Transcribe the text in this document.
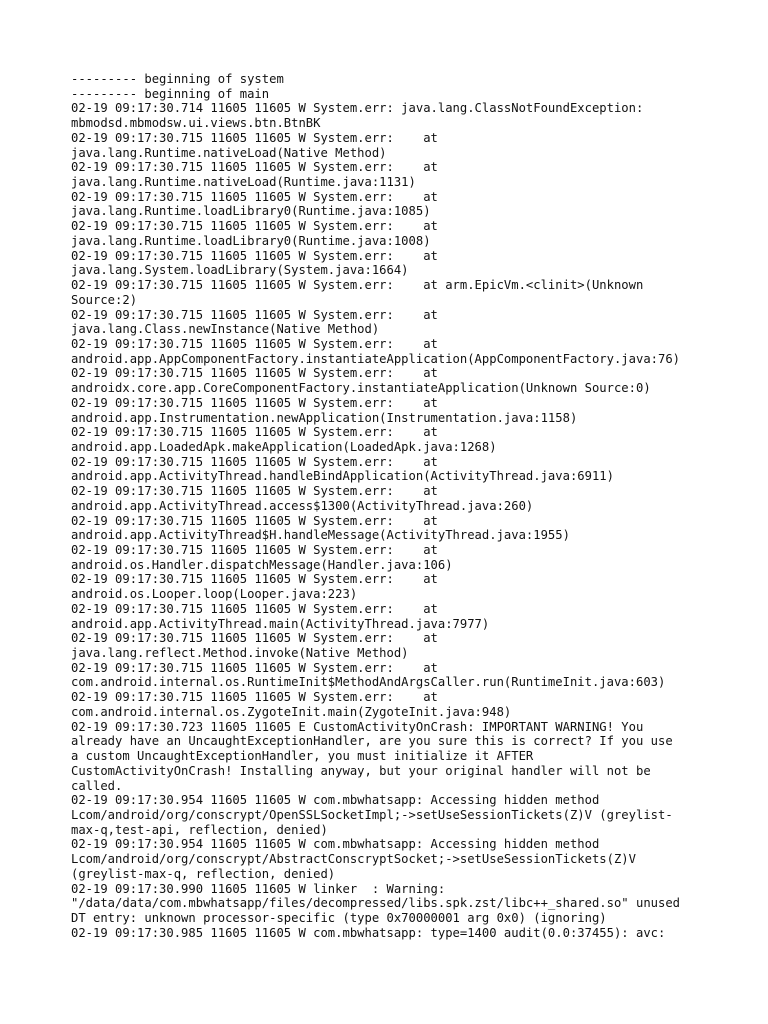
--------- beginning of system
--------- beginning of main
02-19 09:17:30.714 11605 11605 W System.err: java.lang.ClassNotFoundException:
mbmodsd.mbmodsw.ui.views.btn.BtnBK
02-19 09:17:30.715 11605 11605 W System.err:    at
java.lang.Runtime.nativeLoad(Native Method)
02-19 09:17:30.715 11605 11605 W System.err:    at
java.lang.Runtime.nativeLoad(Runtime.java:1131)
02-19 09:17:30.715 11605 11605 W System.err:    at
java.lang.Runtime.loadLibrary0(Runtime.java:1085)
02-19 09:17:30.715 11605 11605 W System.err:    at
java.lang.Runtime.loadLibrary0(Runtime.java:1008)
02-19 09:17:30.715 11605 11605 W System.err:    at
java.lang.System.loadLibrary(System.java:1664)
02-19 09:17:30.715 11605 11605 W System.err:    at arm.EpicVm.<clinit>(Unknown
Source:2)
02-19 09:17:30.715 11605 11605 W System.err:    at
java.lang.Class.newInstance(Native Method)
02-19 09:17:30.715 11605 11605 W System.err:    at
android.app.AppComponentFactory.instantiateApplication(AppComponentFactory.java:76)
02-19 09:17:30.715 11605 11605 W System.err:    at
androidx.core.app.CoreComponentFactory.instantiateApplication(Unknown Source:0)
02-19 09:17:30.715 11605 11605 W System.err:    at
android.app.Instrumentation.newApplication(Instrumentation.java:1158)
02-19 09:17:30.715 11605 11605 W System.err:    at
android.app.LoadedApk.makeApplication(LoadedApk.java:1268)
02-19 09:17:30.715 11605 11605 W System.err:    at
android.app.ActivityThread.handleBindApplication(ActivityThread.java:6911)
02-19 09:17:30.715 11605 11605 W System.err:    at
android.app.ActivityThread.access$1300(ActivityThread.java:260)
02-19 09:17:30.715 11605 11605 W System.err:    at
android.app.ActivityThread$H.handleMessage(ActivityThread.java:1955)
02-19 09:17:30.715 11605 11605 W System.err:    at
android.os.Handler.dispatchMessage(Handler.java:106)
02-19 09:17:30.715 11605 11605 W System.err:    at
android.os.Looper.loop(Looper.java:223)
02-19 09:17:30.715 11605 11605 W System.err:    at
android.app.ActivityThread.main(ActivityThread.java:7977)
02-19 09:17:30.715 11605 11605 W System.err:    at
java.lang.reflect.Method.invoke(Native Method)
02-19 09:17:30.715 11605 11605 W System.err:    at
com.android.internal.os.RuntimeInit$MethodAndArgsCaller.run(RuntimeInit.java:603)
02-19 09:17:30.715 11605 11605 W System.err:    at
com.android.internal.os.ZygoteInit.main(ZygoteInit.java:948)
02-19 09:17:30.723 11605 11605 E CustomActivityOnCrash: IMPORTANT WARNING! You
already have an UncaughtExceptionHandler, are you sure this is correct? If you use
a custom UncaughtExceptionHandler, you must initialize it AFTER
CustomActivityOnCrash! Installing anyway, but your original handler will not be
called.
02-19 09:17:30.954 11605 11605 W com.mbwhatsapp: Accessing hidden method
Lcom/android/org/conscrypt/OpenSSLSocketImpl;->setUseSessionTickets(Z)V (greylist-
max-q,test-api, reflection, denied)
02-19 09:17:30.954 11605 11605 W com.mbwhatsapp: Accessing hidden method
Lcom/android/org/conscrypt/AbstractConscryptSocket;->setUseSessionTickets(Z)V
(greylist-max-q, reflection, denied)
02-19 09:17:30.990 11605 11605 W linker  : Warning:
"/data/data/com.mbwhatsapp/files/decompressed/libs.spk.zst/libc++_shared.so" unused
DT entry: unknown processor-specific (type 0x70000001 arg 0x0) (ignoring)
02-19 09:17:30.985 11605 11605 W com.mbwhatsapp: type=1400 audit(0.0:37455): avc:
